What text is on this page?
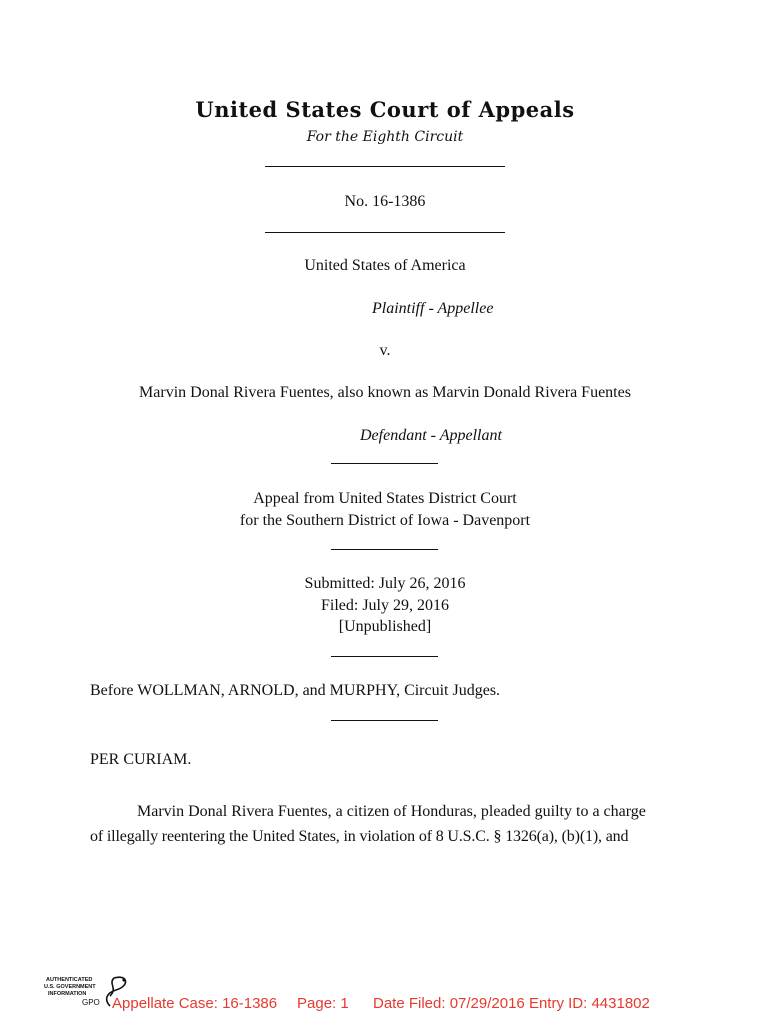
United States Court of Appeals
For the Eighth Circuit
No. 16-1386
United States of America
Plaintiff - Appellee
v.
Marvin Donal Rivera Fuentes, also known as Marvin Donald Rivera Fuentes
Defendant - Appellant
Appeal from United States District Court
for the Southern District of Iowa - Davenport
Submitted: July 26, 2016
Filed: July 29, 2016
[Unpublished]
Before WOLLMAN, ARNOLD, and MURPHY, Circuit Judges.
PER CURIAM.
Marvin Donal Rivera Fuentes, a citizen of Honduras, pleaded guilty to a charge
of illegally reentering the United States, in violation of 8 U.S.C. § 1326(a), (b)(1), and
AUTHENTICATED
U.S. GOVERNMENT
INFORMATION
GPO Appellate Case: 16-1386 Page: 1 Date Filed: 07/29/2016 Entry ID: 4431802
